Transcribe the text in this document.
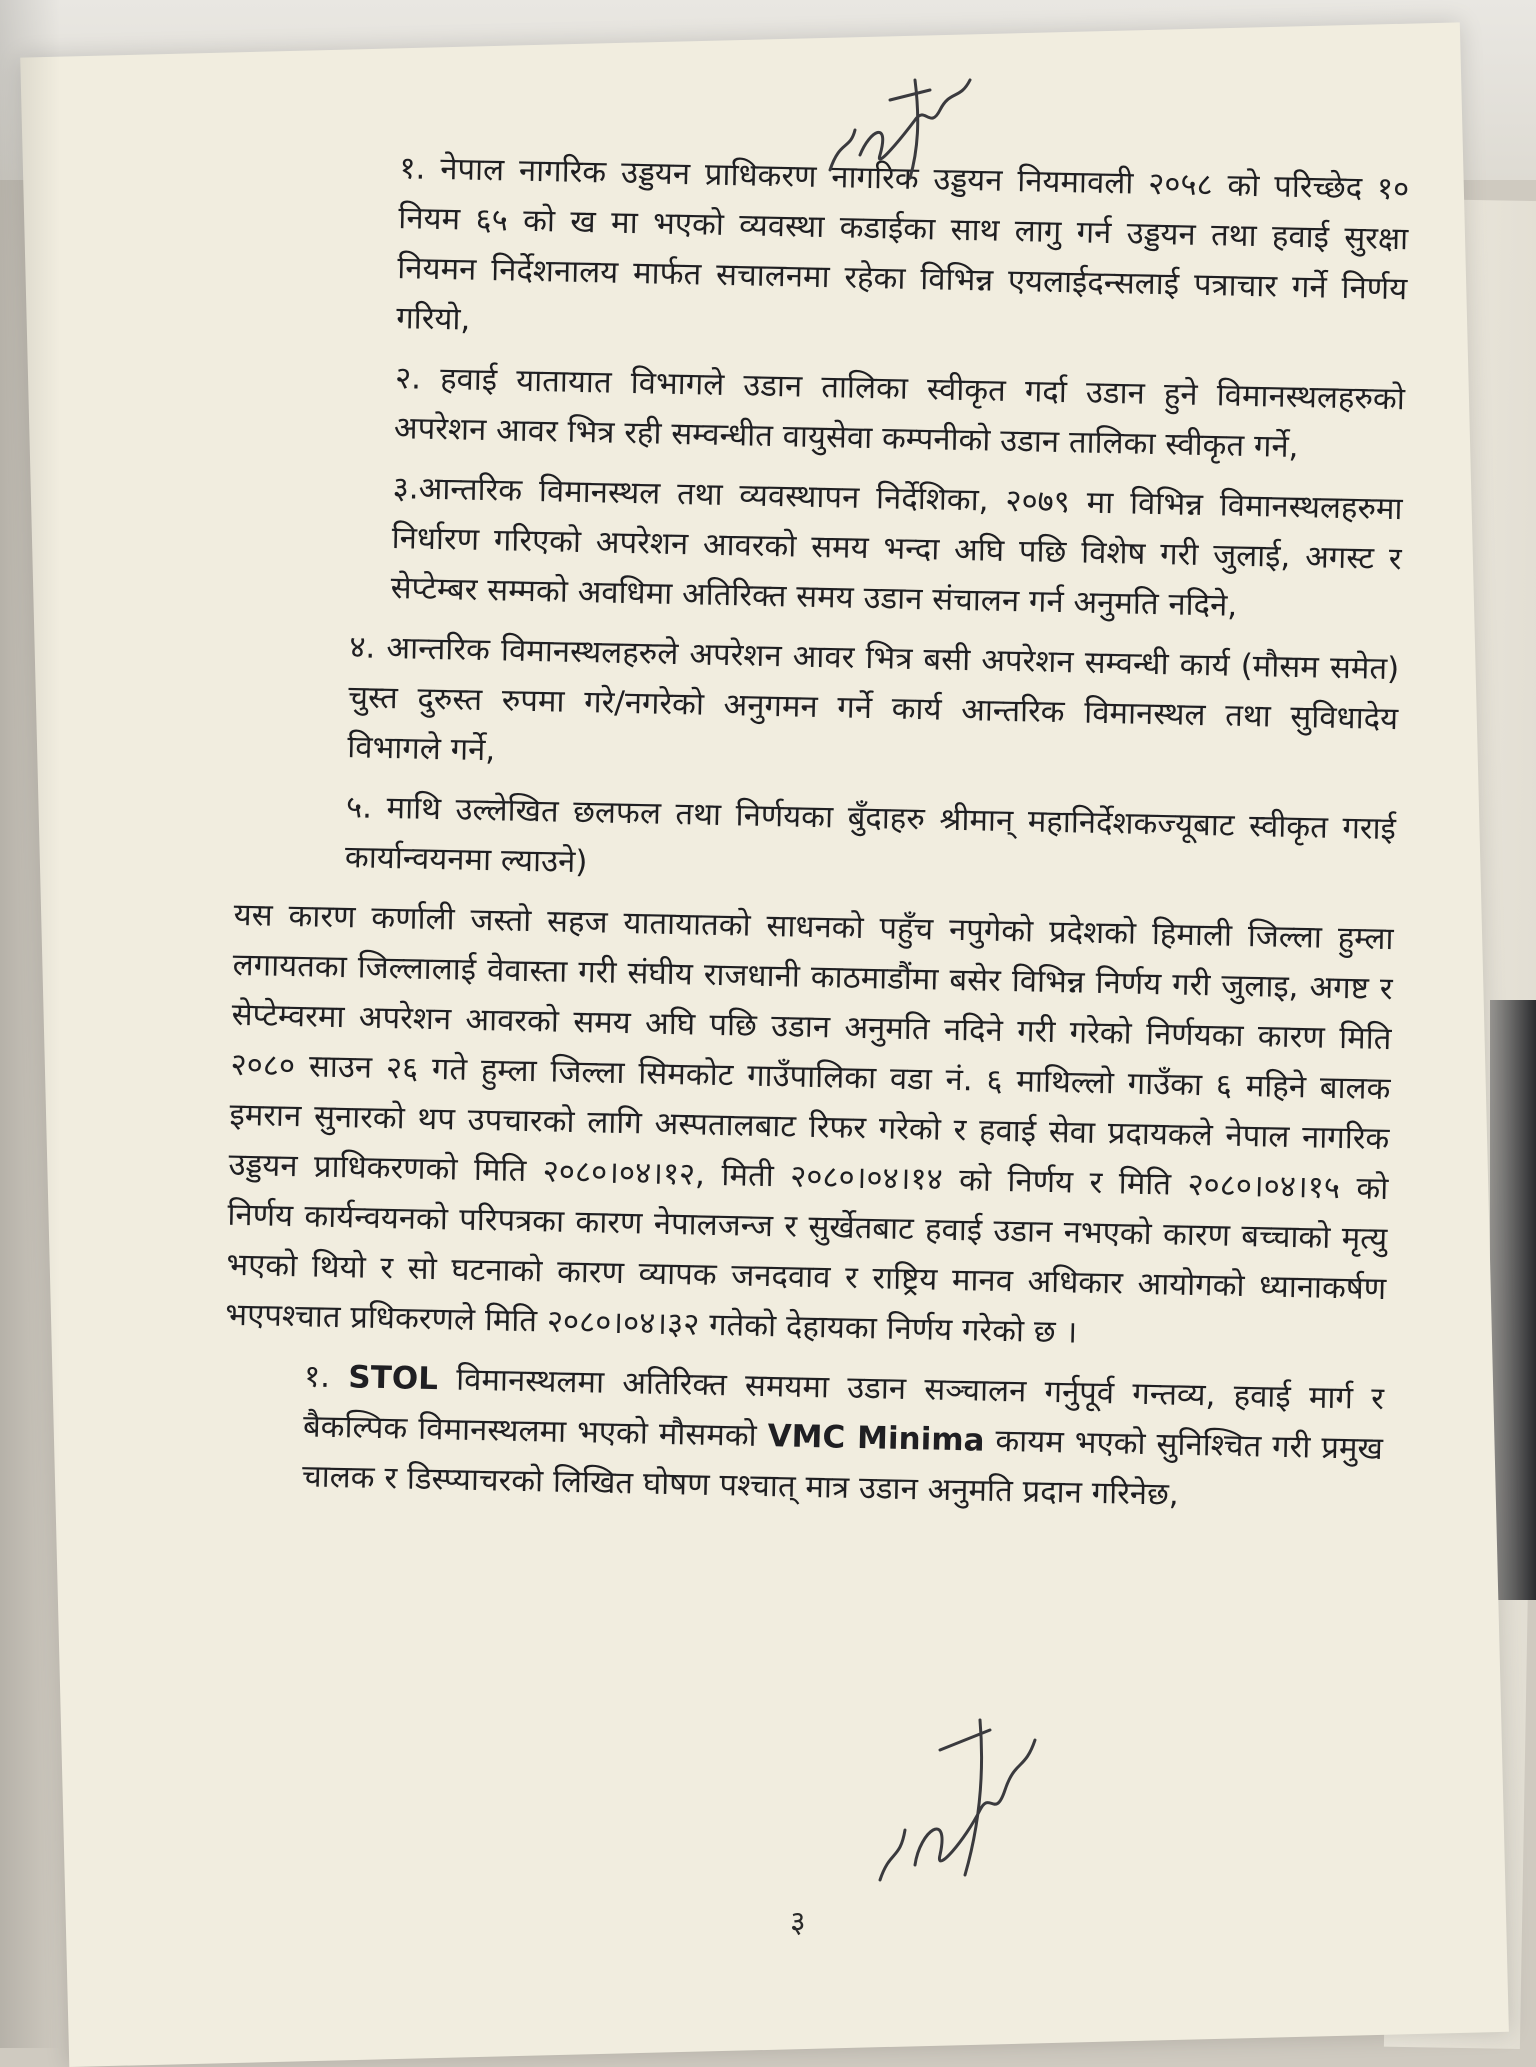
१. नेपाल नागरिक उड्डयन प्राधिकरण नागरिक उड्डयन नियमावली २०५८ को परिच्छेद १० नियम ६५ को ख मा भएको व्यवस्था कडाईका साथ लागु गर्न उड्डयन तथा हवाई सुरक्षा नियमन निर्देशनालय मार्फत सचालनमा रहेका विभिन्न एयलाईदन्सलाई पत्राचार गर्ने निर्णय गरियो,

२. हवाई यातायात विभागले उडान तालिका स्वीकृत गर्दा उडान हुने विमानस्थलहरुको अपरेशन आवर भित्र रही सम्वन्धीत वायुसेवा कम्पनीको उडान तालिका स्वीकृत गर्ने,

३.आन्तरिक विमानस्थल तथा व्यवस्थापन निर्देशिका, २०७९ मा विभिन्न विमानस्थलहरुमा निर्धारण गरिएको अपरेशन आवरको समय भन्दा अघि पछि विशेष गरी जुलाई, अगस्ट र सेप्टेम्बर सम्मको अवधिमा अतिरिक्त समय उडान संचालन गर्न अनुमति नदिने,

४. आन्तरिक विमानस्थलहरुले अपरेशन आवर भित्र बसी अपरेशन सम्वन्धी कार्य (मौसम समेत) चुस्त दुरुस्त रुपमा गरे/नगरेको अनुगमन गर्ने कार्य आन्तरिक विमानस्थल तथा सुविधादेय विभागले गर्ने,

५. माथि उल्लेखित छलफल तथा निर्णयका बुँदाहरु श्रीमान् महानिर्देशकज्यूबाट स्वीकृत गराई कार्यान्वयनमा ल्याउने)

यस कारण कर्णाली जस्तो सहज यातायातको साधनको पहुँच नपुगेको प्रदेशको हिमाली जिल्ला हुम्ला लगायतका जिल्लालाई वेवास्ता गरी संघीय राजधानी काठमाडौंमा बसेर विभिन्न निर्णय गरी जुलाइ, अगष्ट र सेप्टेम्वरमा अपरेशन आवरको समय अघि पछि उडान अनुमति नदिने गरी गरेको निर्णयका कारण मिति २०८० साउन २६ गते हुम्ला जिल्ला सिमकोट गाउँपालिका वडा नं. ६ माथिल्लो गाउँका ६ महिने बालक इमरान सुनारको थप उपचारको लागि अस्पतालबाट रिफर गरेको र हवाई सेवा प्रदायकले नेपाल नागरिक उड्डयन प्राधिकरणको मिति २०८०।०४।१२, मिती २०८०।०४।१४ को निर्णय र मिति २०८०।०४।१५ को निर्णय कार्यन्वयनको परिपत्रका कारण नेपालजन्ज र सुर्खेतबाट हवाई उडान नभएको कारण बच्चाको मृत्यु भएको थियो र सो घटनाको कारण व्यापक जनदवाव र राष्ट्रिय मानव अधिकार आयोगको ध्यानाकर्षण भएपश्चात प्रधिकरणले मिति २०८०।०४।३२ गतेको देहायका निर्णय गरेको छ ।

१. STOL विमानस्थलमा अतिरिक्त समयमा उडान सञ्चालन गर्नुपूर्व गन्तव्य, हवाई मार्ग र बैकल्पिक विमानस्थलमा भएको मौसमको VMC Minima कायम भएको सुनिश्चित गरी प्रमुख चालक र डिस्प्याचरको लिखित घोषण पश्चात् मात्र उडान अनुमति प्रदान गरिनेछ,

३
